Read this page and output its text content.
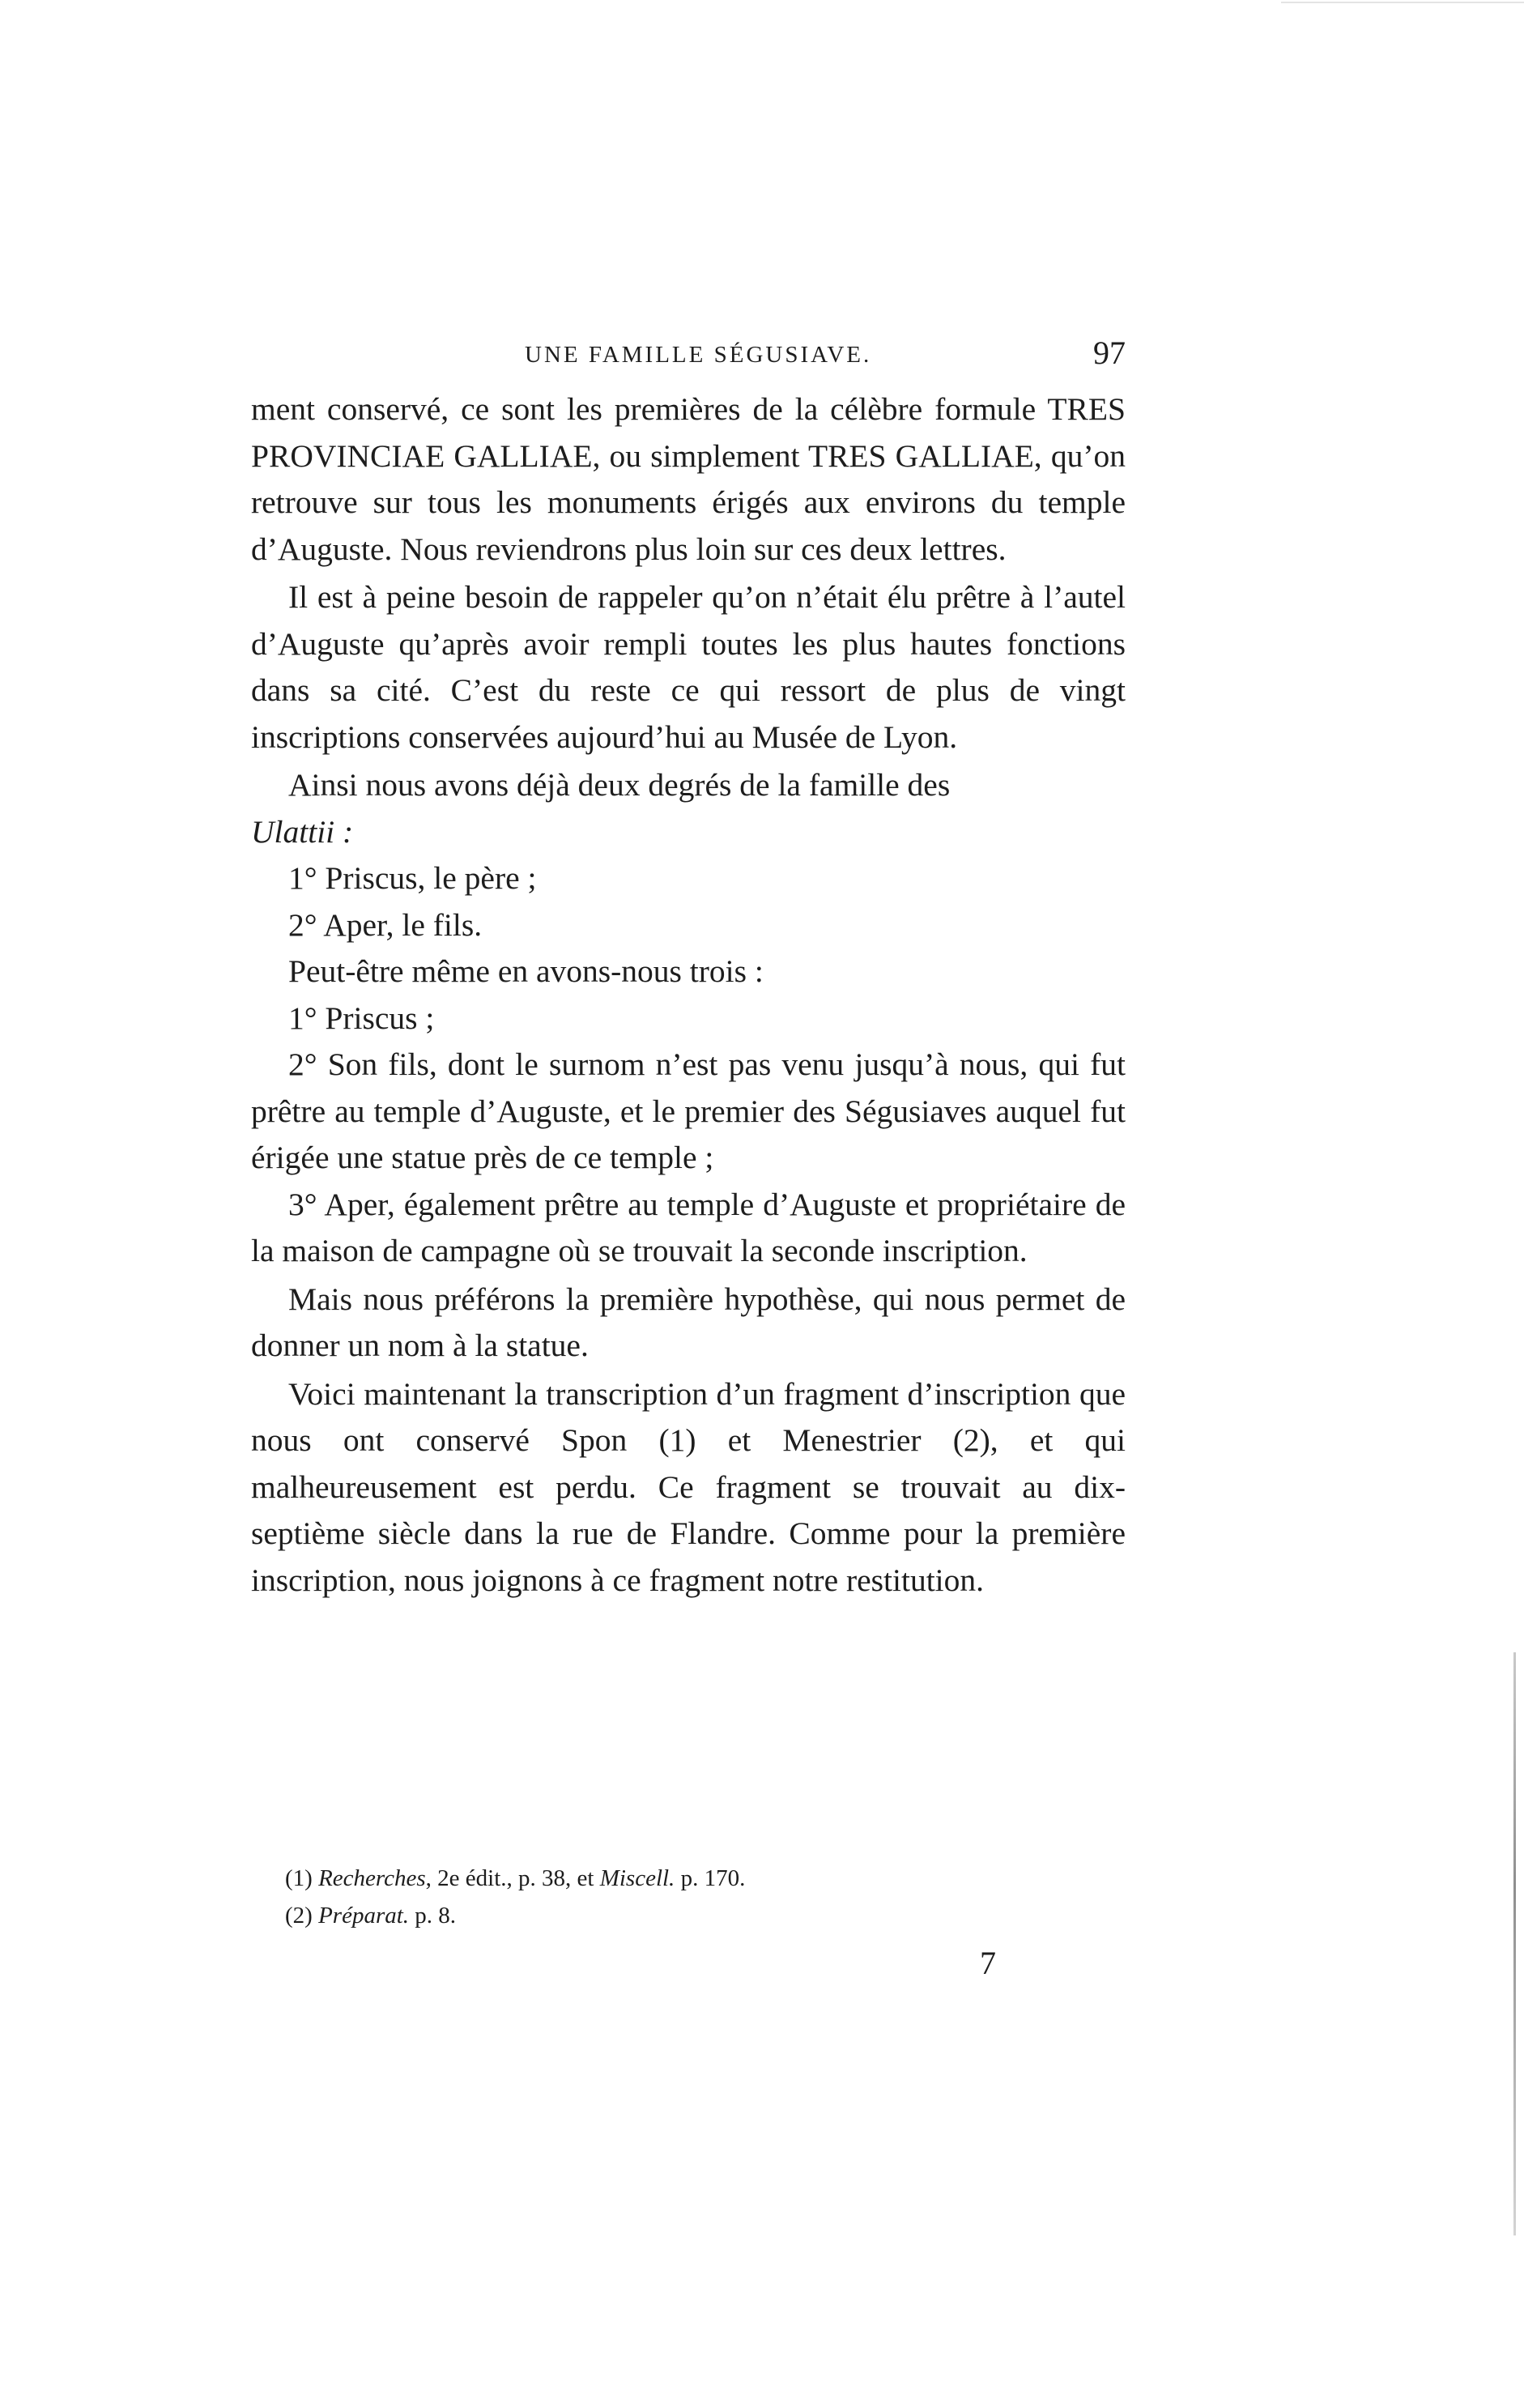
UNE FAMILLE SÉGUSIAVE.	97

ment conservé, ce sont les premières de la célèbre formule TRES PROVINCIAE GALLIAE, ou simplement TRES GALLIAE, qu’on retrouve sur tous les monuments érigés aux environs du temple d’Auguste. Nous reviendrons plus loin sur ces deux lettres.

Il est à peine besoin de rappeler qu’on n’était élu prêtre à l’autel d’Auguste qu’après avoir rempli toutes les plus hautes fonctions dans sa cité. C’est du reste ce qui ressort de plus de vingt inscriptions conservées aujourd’hui au Musée de Lyon.

Ainsi nous avons déjà deux degrés de la famille des

Ulattii :

1° Priscus, le père ;

2° Aper, le fils.

Peut-être même en avons-nous trois :

1° Priscus ;

2° Son fils, dont le surnom n’est pas venu jusqu’à nous, qui fut prêtre au temple d’Auguste, et le premier des Ségusiaves auquel fut érigée une statue près de ce temple ;

3° Aper, également prêtre au temple d’Auguste et propriétaire de la maison de campagne où se trouvait la seconde inscription.

Mais nous préférons la première hypothèse, qui nous permet de donner un nom à la statue.

Voici maintenant la transcription d’un fragment d’inscription que nous ont conservé Spon (1) et Menestrier (2), et qui malheureusement est perdu. Ce fragment se trouvait au dix-septième siècle dans la rue de Flandre. Comme pour la première inscription, nous joignons à ce fragment notre restitution.

(1) Recherches, 2e édit., p. 38, et Miscell. p. 170.

(2) Préparat. p. 8.

7
